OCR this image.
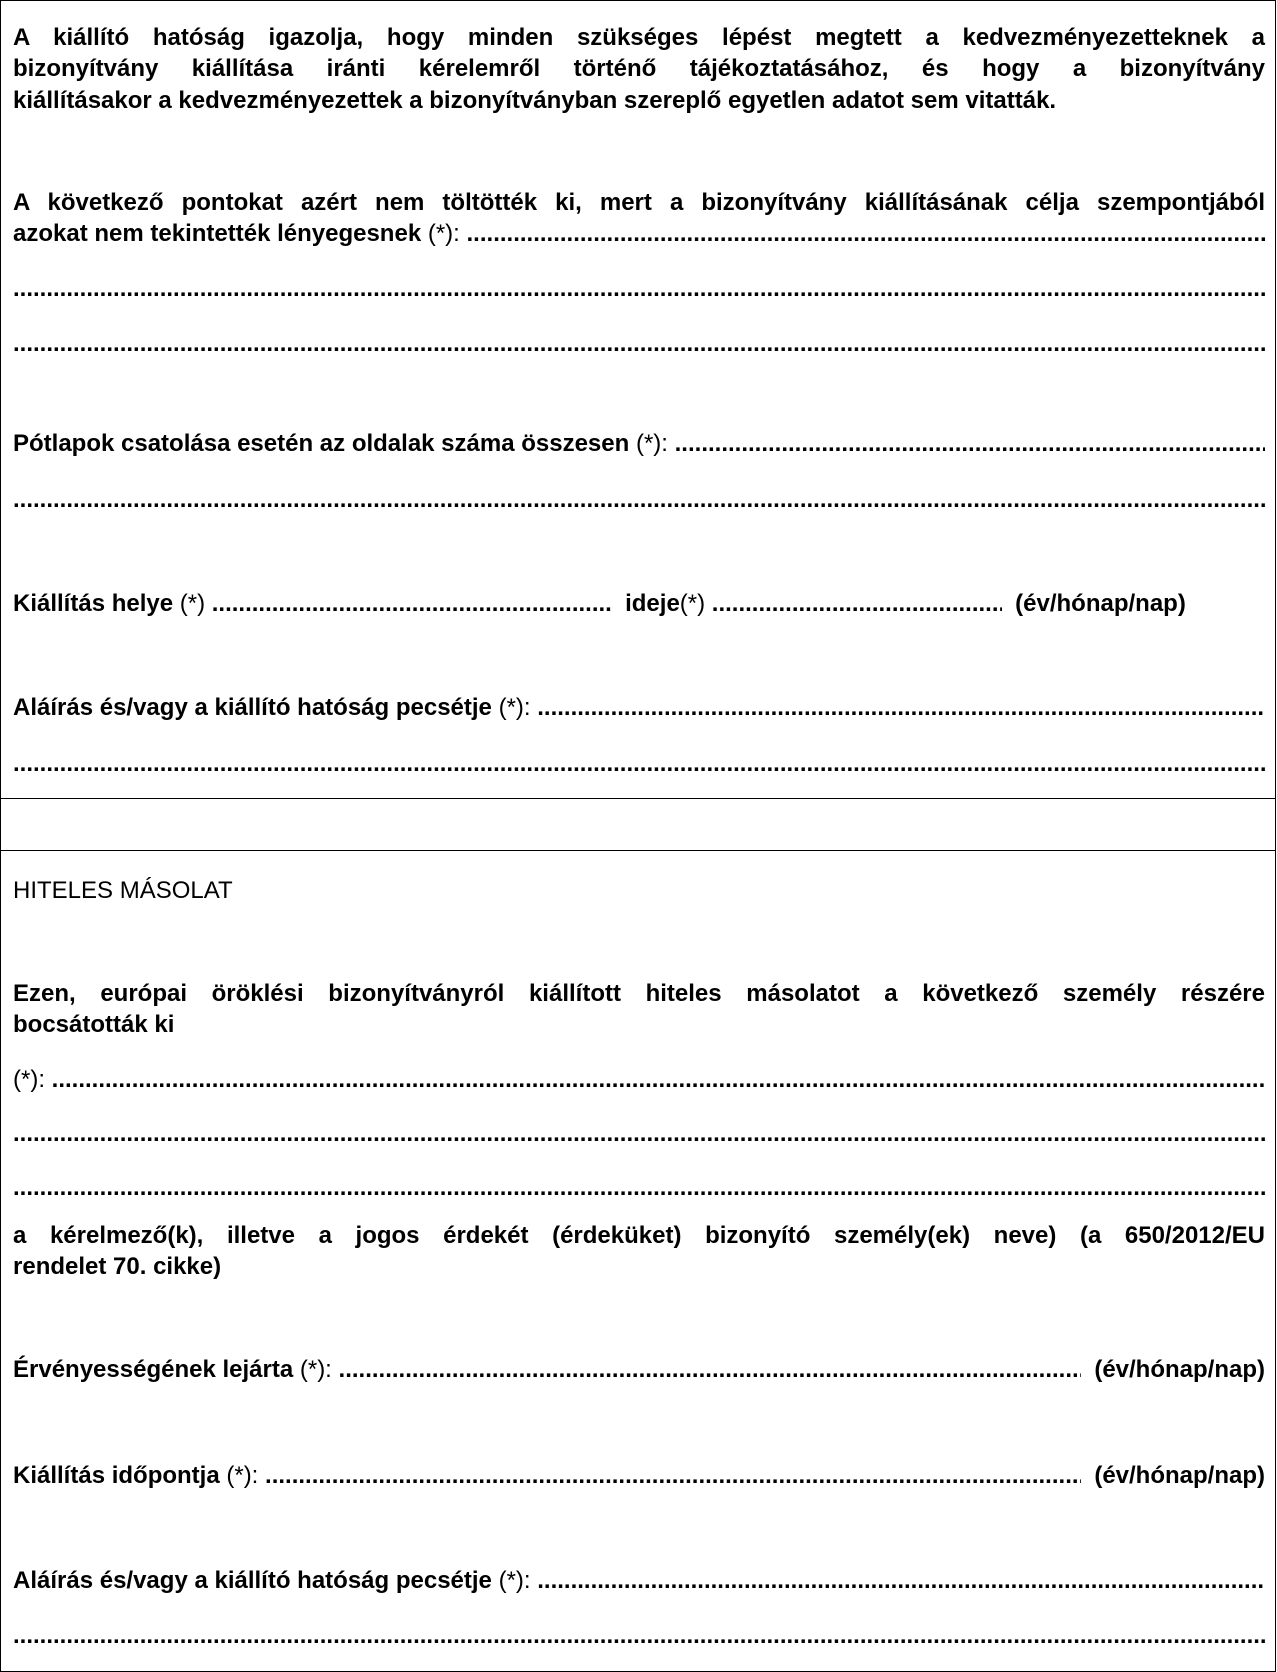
A kiállító hatóság igazolja, hogy minden szükséges lépést megtett a kedvezményezetteknek a
bizonyítvány kiállítása iránti kérelemről történő tájékoztatásához, és hogy a bizonyítvány
kiállításakor a kedvezményezettek a bizonyítványban szereplő egyetlen adatot sem vitatták.
A következő pontokat azért nem töltötték ki, mert a bizonyítvány kiállításának célja szempontjából
azokat nem tekintették lényegesnek
(*):

.....
.....
.....
Pótlapok csatolása esetén az oldalak száma összesen
(*):

.....
.....
Kiállítás helye
(*)
.....
	ideje (*)
.....
	(év/hónap/nap)
Aláírás és/vagy a kiállító hatóság pecsétje
(*):

.....
.....
HITELES MÁSOLAT
Ezen, európai öröklési bizonyítványról kiállított hiteles másolatot a következő személy részére
bocsátották ki
(*):

.....
.....
.....
a kérelmező(k), illetve a jogos érdekét (érdeküket) bizonyító személy(ek) neve) (a 650/2012/EU
rendelet 70. cikke)
Érvényességének lejárta
(*):
.....
	(év/hónap/nap)
Kiállítás időpontja
(*):
.....
	(év/hónap/nap)
Aláírás és/vagy a kiállító hatóság pecsétje
(*):

.....
.....
